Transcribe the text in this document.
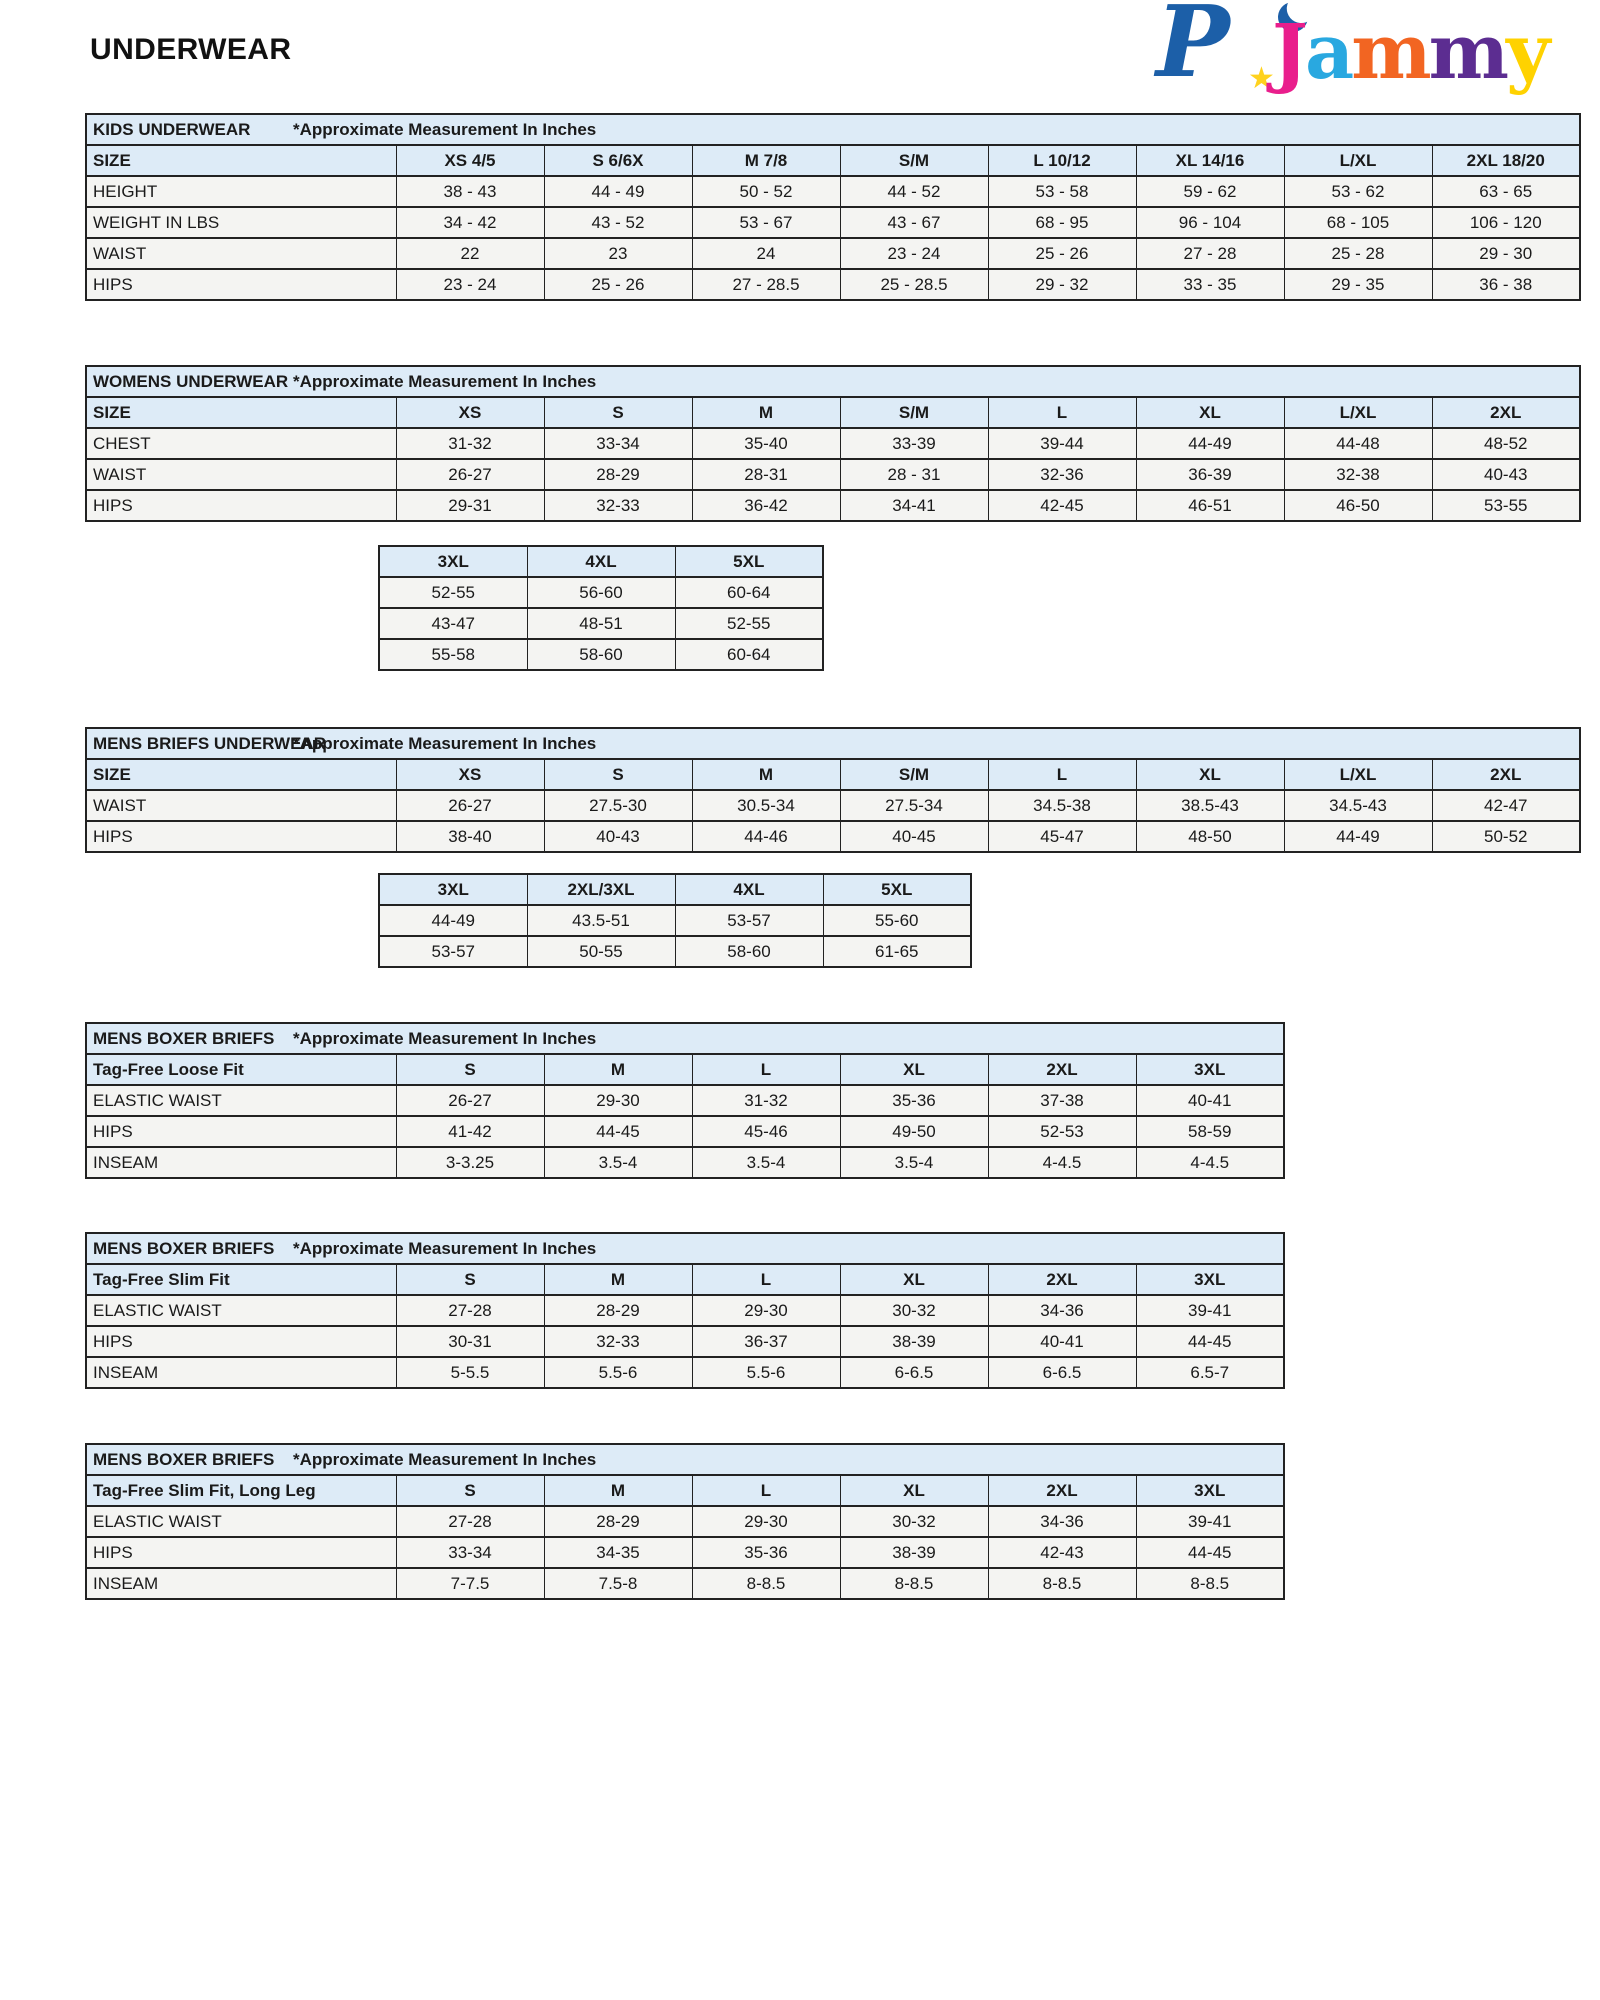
UNDERWEAR	P ★
Jammy
KIDS UNDERWEAR *Approximate Measurement In Inches								
SIZE	XS 4/5	S 6/6X	M 7/8	S/M	L 10/12	XL 14/16	L/XL	2XL 18/20
HEIGHT	38 - 43	44 - 49	50 - 52	44 - 52	53 - 58	59 - 62	53 - 62	63 - 65
WEIGHT IN LBS	34 - 42	43 - 52	53 - 67	43 - 67	68 - 95	96 - 104	68 - 105	106 - 120
WAIST	22	23	24	23 - 24	25 - 26	27 - 28	25 - 28	29 - 30
HIPS	23 - 24	25 - 26	27 - 28.5	25 - 28.5	29 - 32	33 - 35	29 - 35	36 - 38
WOMENS UNDERWEAR *Approximate Measurement In Inches								
SIZE	XS	S	M	S/M	L	XL	L/XL	2XL
CHEST	31-32	33-34	35-40	33-39	39-44	44-49	44-48	48-52
WAIST	26-27	28-29	28-31	28 - 31	32-36	36-39	32-38	40-43
HIPS	29-31	32-33	36-42	34-41	42-45	46-51	46-50	53-55
3XL	4XL	5XL
52-55	56-60	60-64
43-47	48-51	52-55
55-58	58-60	60-64
MENS BRIEFS UNDERWEAR*Approximate Measurement In Inches								
SIZE	XS	S	M	S/M	L	XL	L/XL	2XL
WAIST	26-27	27.5-30	30.5-34	27.5-34	34.5-38	38.5-43	34.5-43	42-47
HIPS	38-40	40-43	44-46	40-45	45-47	48-50	44-49	50-52
3XL	2XL/3XL	4XL	5XL
44-49	43.5-51	53-57	55-60
53-57	50-55	58-60	61-65
MENS BOXER BRIEFS *Approximate Measurement In Inches						
Tag-Free Loose Fit	S	M	L	XL	2XL	3XL
ELASTIC WAIST	26-27	29-30	31-32	35-36	37-38	40-41
HIPS	41-42	44-45	45-46	49-50	52-53	58-59
INSEAM	3-3.25	3.5-4	3.5-4	3.5-4	4-4.5	4-4.5
MENS BOXER BRIEFS *Approximate Measurement In Inches						
Tag-Free Slim Fit	S	M	L	XL	2XL	3XL
ELASTIC WAIST	27-28	28-29	29-30	30-32	34-36	39-41
HIPS	30-31	32-33	36-37	38-39	40-41	44-45
INSEAM	5-5.5	5.5-6	5.5-6	6-6.5	6-6.5	6.5-7
MENS BOXER BRIEFS *Approximate Measurement In Inches						
Tag-Free Slim Fit, Long Leg	S	M	L	XL	2XL	3XL
ELASTIC WAIST	27-28	28-29	29-30	30-32	34-36	39-41
HIPS	33-34	34-35	35-36	38-39	42-43	44-45
INSEAM	7-7.5	7.5-8	8-8.5	8-8.5	8-8.5	8-8.5
